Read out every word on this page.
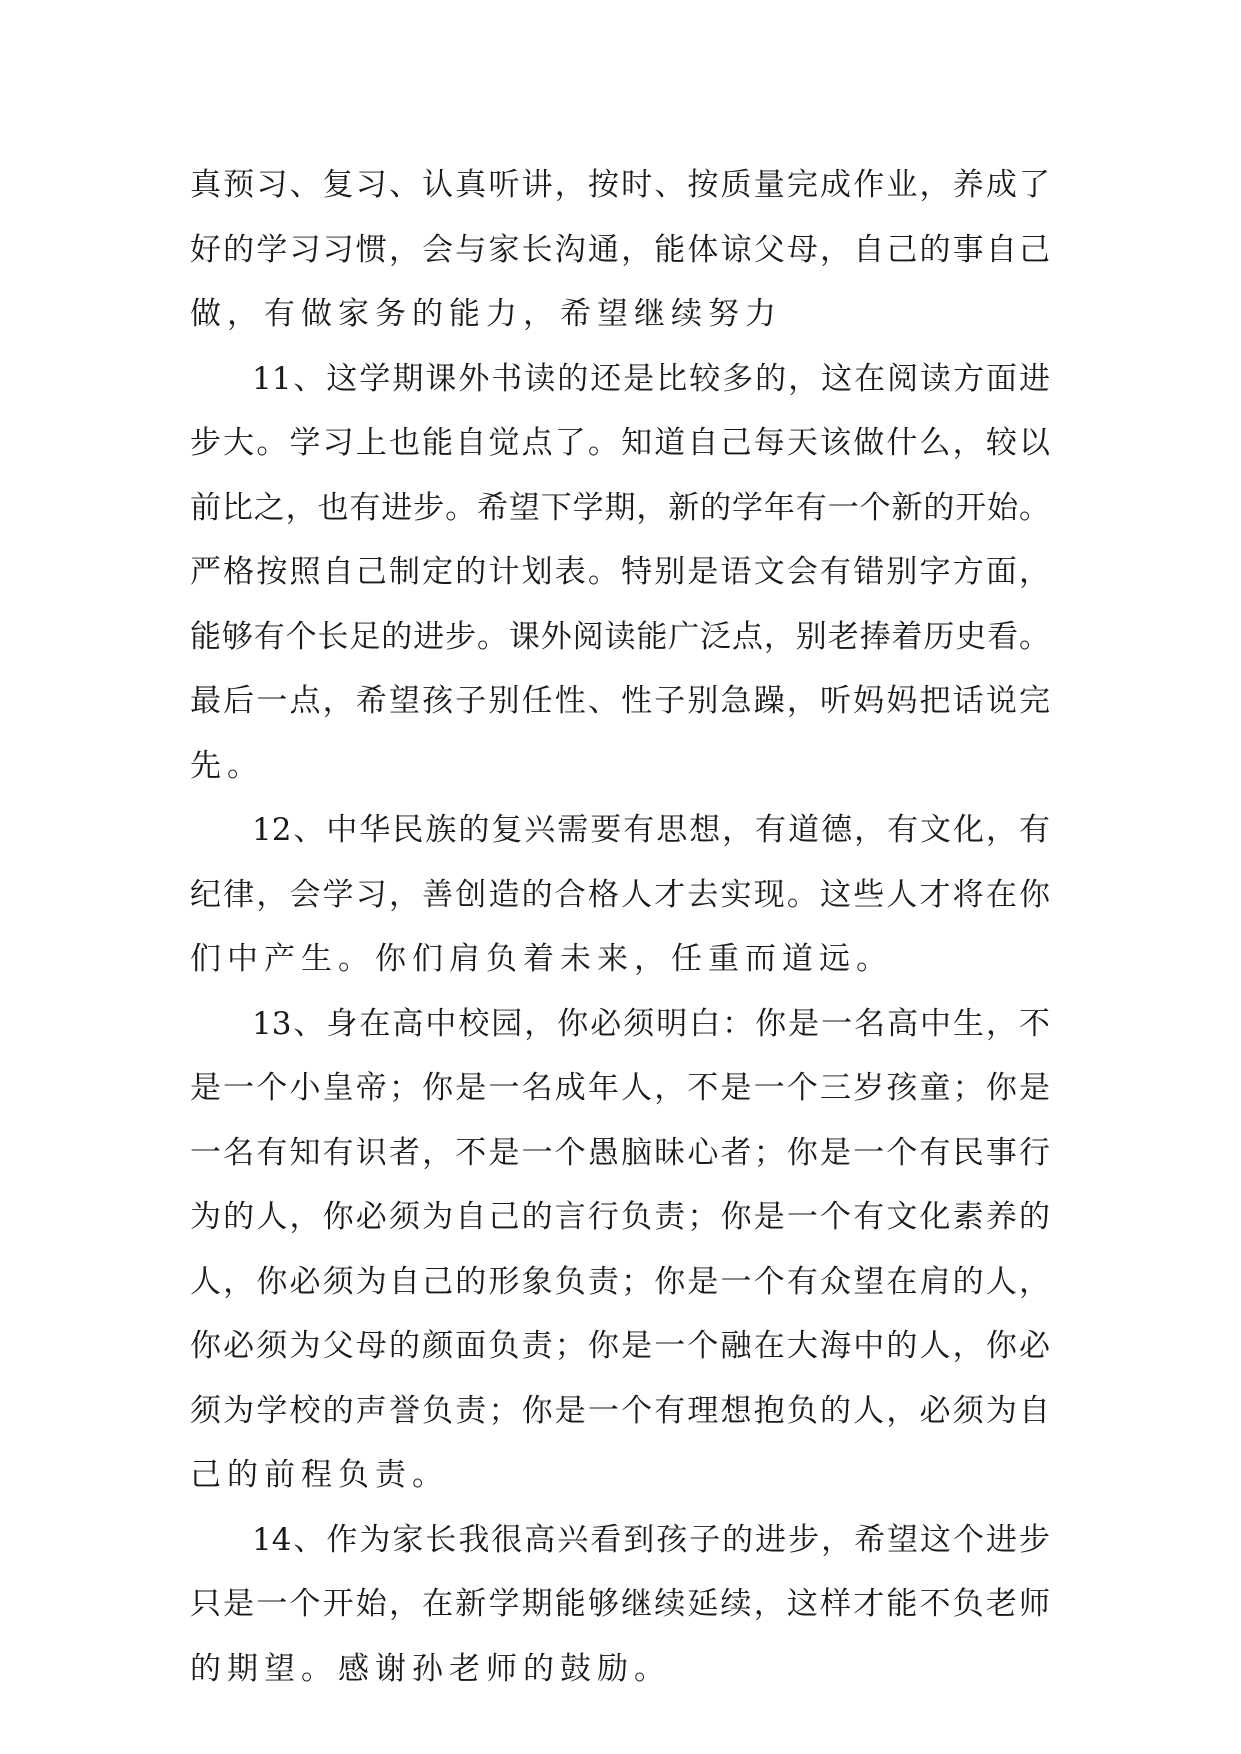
真预习、复习、认真听讲，按时、按质量完成作业，养成了
好的学习习惯，会与家长沟通，能体谅父母，自己的事自己
做，有做家务的能力，希望继续努力
11、这学期课外书读的还是比较多的，这在阅读方面进
步大。学习上也能自觉点了。知道自己每天该做什么，较以
前比之，也有进步。希望下学期，新的学年有一个新的开始。
严格按照自己制定的计划表。特别是语文会有错别字方面，
能够有个长足的进步。课外阅读能广泛点，别老捧着历史看。
最后一点，希望孩子别任性、性子别急躁，听妈妈把话说完
先。
12、中华民族的复兴需要有思想，有道德，有文化，有
纪律，会学习，善创造的合格人才去实现。这些人才将在你
们中产生。你们肩负着未来，任重而道远。
13、身在高中校园，你必须明白：你是一名高中生，不
是一个小皇帝；你是一名成年人，不是一个三岁孩童；你是
一名有知有识者，不是一个愚脑昧心者；你是一个有民事行
为的人，你必须为自己的言行负责；你是一个有文化素养的
人，你必须为自己的形象负责；你是一个有众望在肩的人，
你必须为父母的颜面负责；你是一个融在大海中的人，你必
须为学校的声誉负责；你是一个有理想抱负的人，必须为自
己的前程负责。
14、作为家长我很高兴看到孩子的进步，希望这个进步
只是一个开始，在新学期能够继续延续，这样才能不负老师
的期望。感谢孙老师的鼓励。
